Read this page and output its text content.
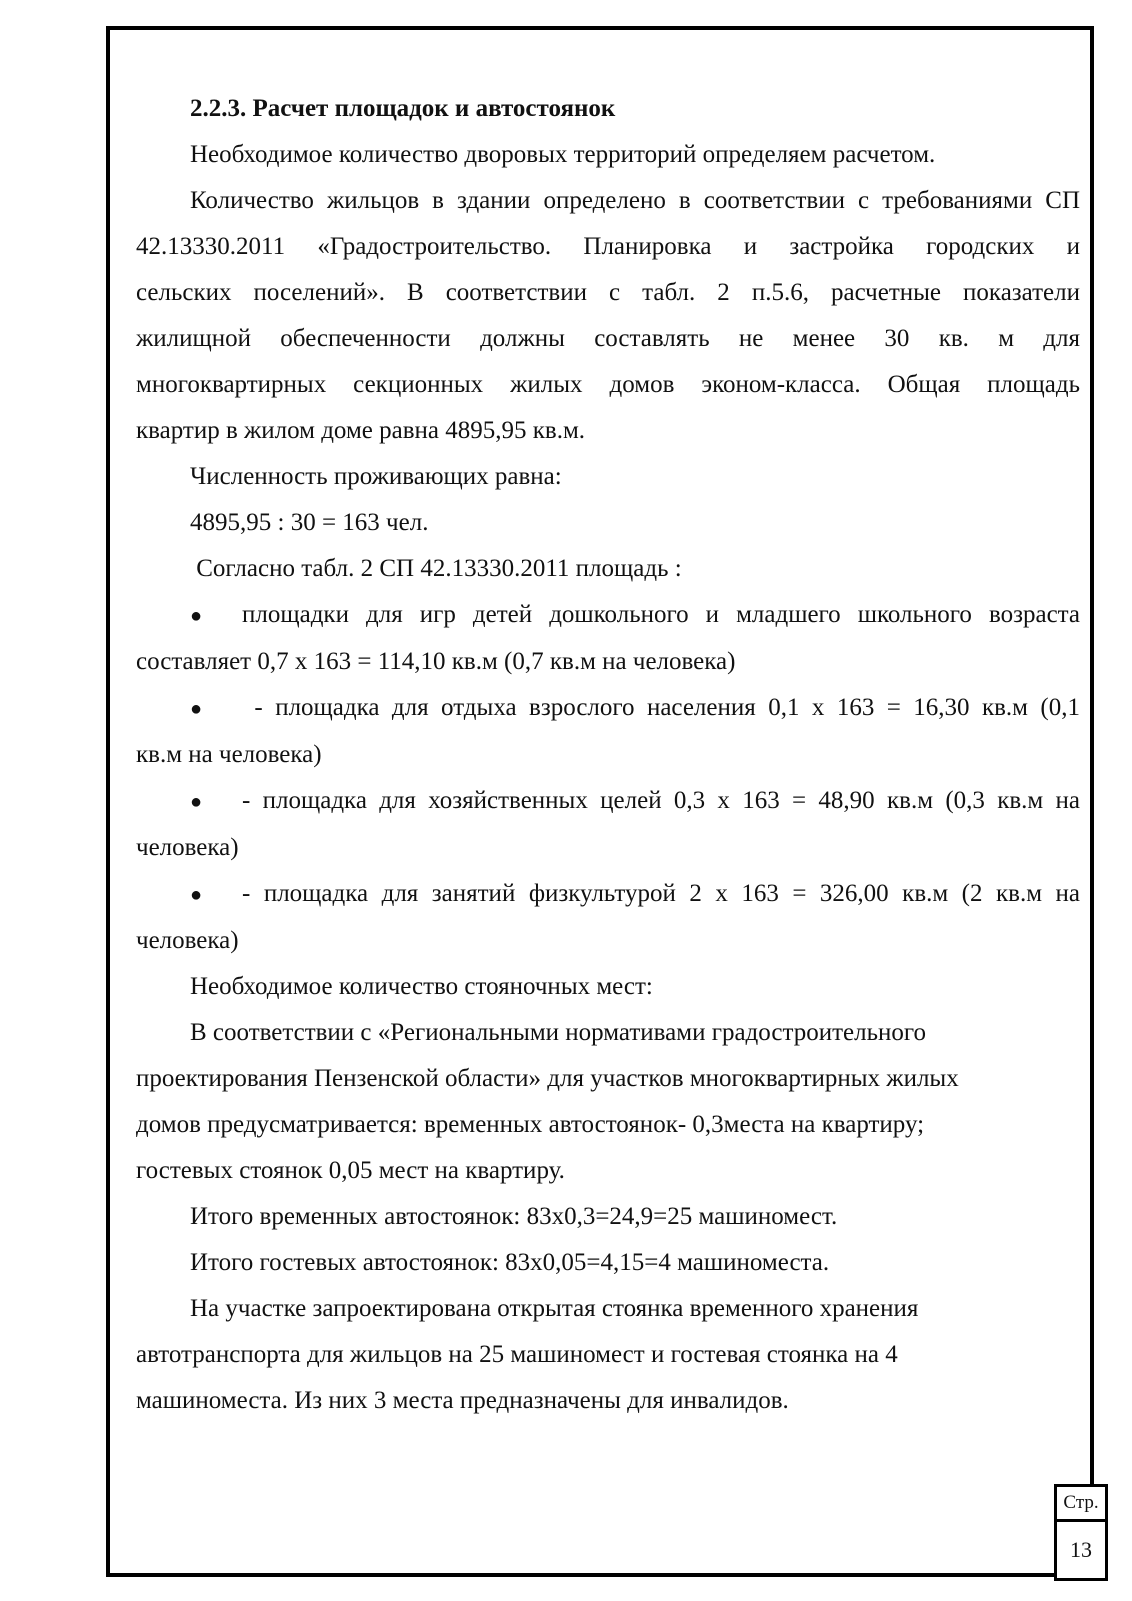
2.2.3. Расчет площадок и автостоянок

Необходимое количество дворовых территорий определяем расчетом.

Количество жильцов в здании определено в соответствии с требованиями СП
42.13330.2011 «Градостроительство. Планировка и застройка городских и
сельских поселений». В соответствии с табл. 2 п.5.6, расчетные показатели
жилищной обеспеченности должны составлять не менее 30 кв. м для
многоквартирных секционных жилых домов эконом-класса. Общая площадь
квартир в жилом доме равна 4895,95 кв.м.

Численность проживающих равна:

4895,95 : 30 = 163 чел.

Согласно табл. 2 СП 42.13330.2011 площадь :

● площадки для игр детей дошкольного и младшего школьного возраста
составляет 0,7 х 163 = 114,10 кв.м (0,7 кв.м на человека)

● - площадка для отдыха взрослого населения 0,1 х 163 = 16,30 кв.м (0,1
кв.м на человека)

● - площадка для хозяйственных целей 0,3 х 163 = 48,90 кв.м (0,3 кв.м на
человека)

● - площадка для занятий физкультурой 2 х 163 = 326,00 кв.м (2 кв.м на
человека)

Необходимое количество стояночных мест:

В соответствии с «Региональными нормативами градостроительного
проектирования Пензенской области» для участков многоквартирных жилых
домов предусматривается: временных автостоянок- 0,3места на квартиру;
гостевых стоянок 0,05 мест на квартиру.

Итого временных автостоянок: 83х0,3=24,9=25 машиномест.

Итого гостевых автостоянок: 83х0,05=4,15=4 машиноместа.

На участке запроектирована открытая стоянка временного хранения
автотранспорта для жильцов на 25 машиномест и гостевая стоянка на 4
машиноместа. Из них 3 места предназначены для инвалидов.

Стр.
13
